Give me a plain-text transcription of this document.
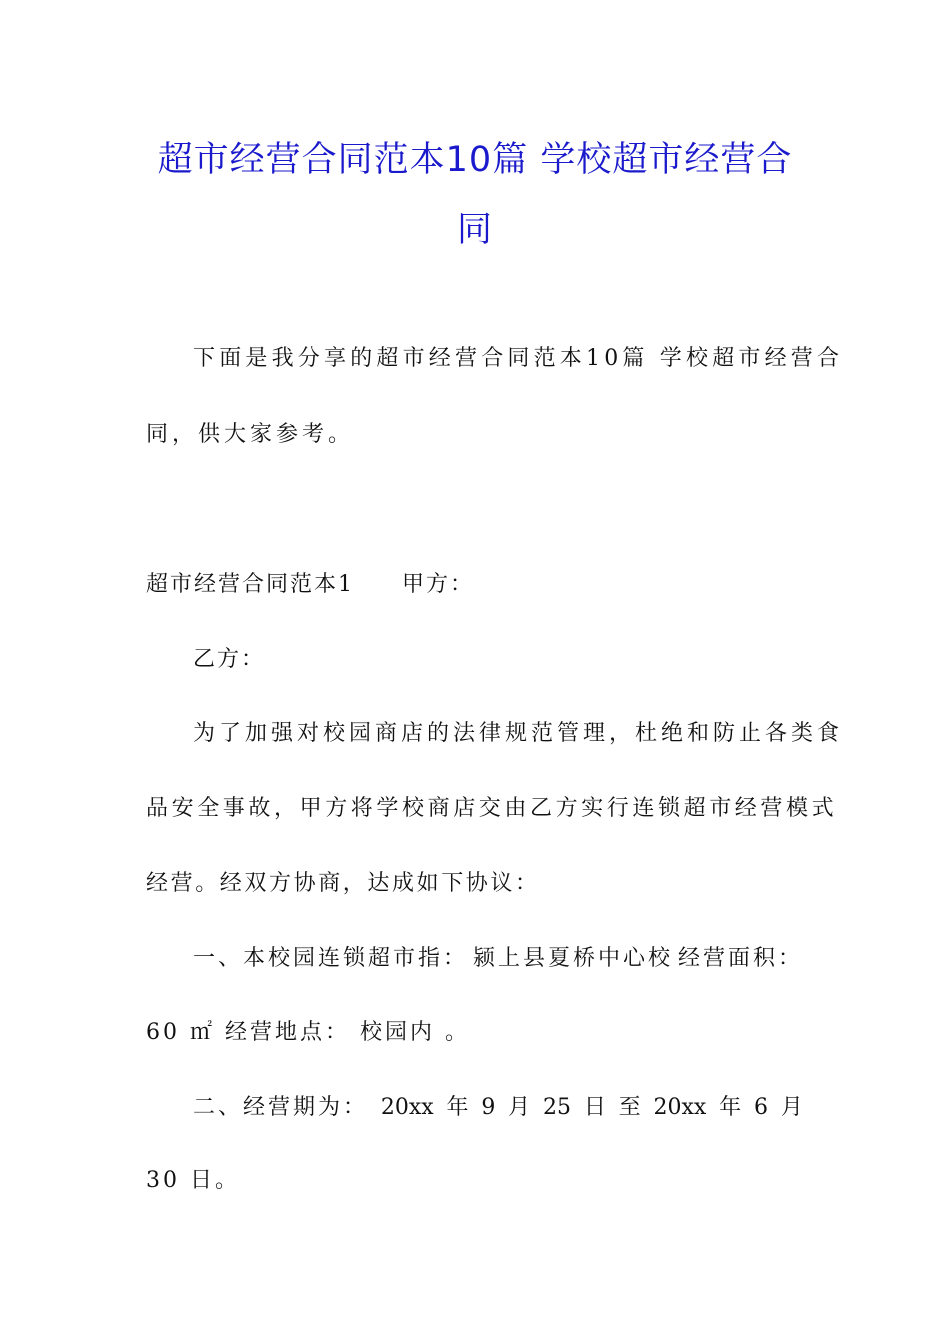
超市经营合同范本10篇 学校超市经营合
同
下面是我分享的超市经营合同范本10篇 学校超市经营合
同，供大家参考。
超市经营合同范本1 甲方：
乙方：
为了加强对校园商店的法律规范管理，杜绝和防止各类食
品安全事故，甲方将学校商店交由乙方实行连锁超市经营模式
经营。经双方协商，达成如下协议：
一、本校园连锁超市指： 颍上县夏桥中心校 经营面积：
60 ㎡ 经营地点： 校园内 。
二、经营期为： 20xx 年 9 月 25 日 至 20xx 年 6 月
30 日。
